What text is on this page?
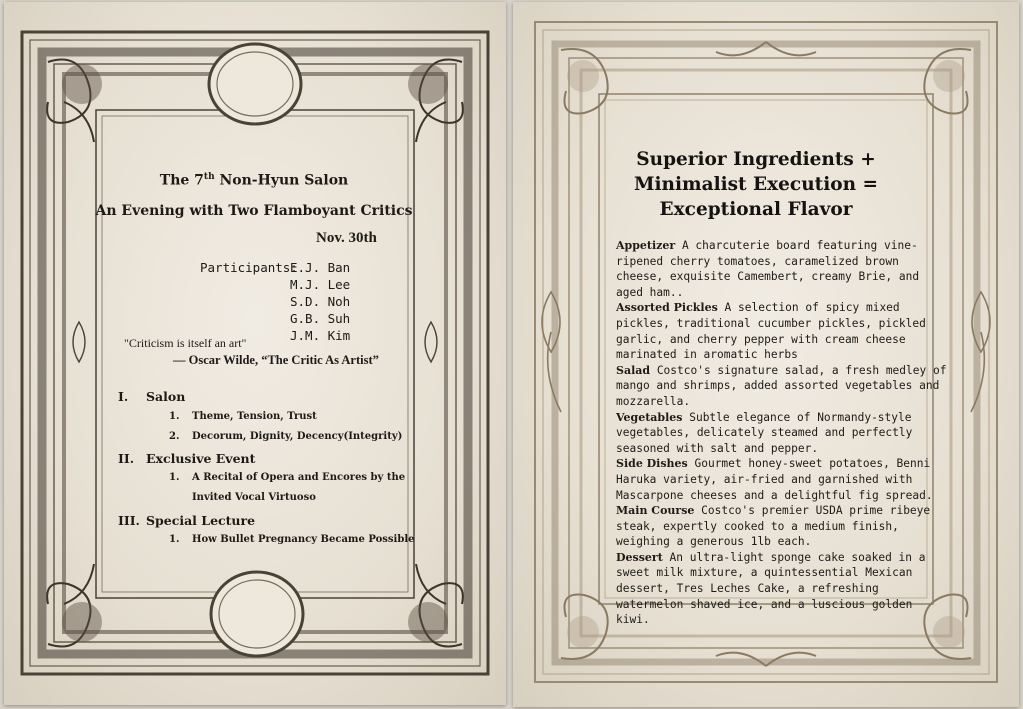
The 7th Non-Hyun Salon
An Evening with Two Flamboyant Critics
Nov. 30th
Participants:
E.J. Ban
M.J. Lee
S.D. Noh
G.B. Suh
J.M. Kim
"Criticism is itself an art"
— Oscar Wilde, “The Critic As Artist”
I. Salon
1. Theme, Tension, Trust
2. Decorum, Dignity, Decency(Integrity)
II. Exclusive Event
1. A Recital of Opera and Encores by the
Invited Vocal Virtuoso
III. Special Lecture
1. How Bullet Pregnancy Became Possible
Superior Ingredients +
Minimalist Execution =
Exceptional Flavor

Appetizer A charcuterie board featuring vine-ripened cherry tomatoes, caramelized brown cheese, exquisite Camembert, creamy Brie, and aged ham..

Assorted Pickles A selection of spicy mixed pickles, traditional cucumber pickles, pickled garlic, and cherry pepper with cream cheese marinated in aromatic herbs

Salad Costco's signature salad, a fresh medley of mango and shrimps, added assorted vegetables and mozzarella.

Vegetables Subtle elegance of Normandy-style vegetables, delicately steamed and perfectly seasoned with salt and pepper.

Side Dishes Gourmet honey-sweet potatoes, Benni Haruka variety, air-fried and garnished with Mascarpone cheeses and a delightful fig spread.

Main Course Costco's premier USDA prime ribeye steak, expertly cooked to a medium finish, weighing a generous 1lb each.

Dessert An ultra-light sponge cake soaked in a sweet milk mixture, a quintessential Mexican dessert, Tres Leches Cake, a refreshing watermelon shaved ice, and a luscious golden kiwi.
